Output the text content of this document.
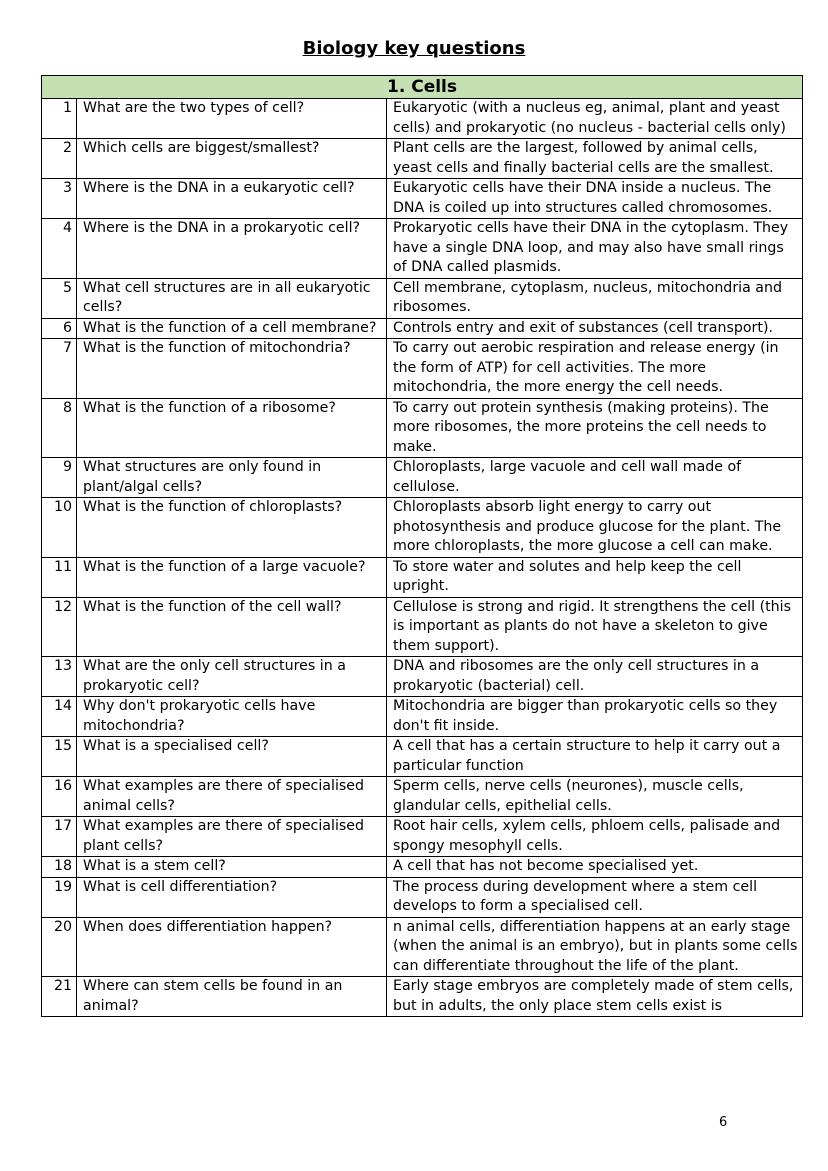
Biology key questions
1. Cells		
1	What are the two types of cell?	Eukaryotic (with a nucleus eg, animal, plant and yeast cells) and prokaryotic (no nucleus - bacterial cells only)
2	Which cells are biggest/smallest?	Plant cells are the largest, followed by animal cells, yeast cells and finally bacterial cells are the smallest.
3	Where is the DNA in a eukaryotic cell?	Eukaryotic cells have their DNA inside a nucleus. The DNA is coiled up into structures called chromosomes.
4	Where is the DNA in a prokaryotic cell?	Prokaryotic cells have their DNA in the cytoplasm. They have a single DNA loop, and may also have small rings of DNA called plasmids.
5	What cell structures are in all eukaryotic cells?	Cell membrane, cytoplasm, nucleus, mitochondria and ribosomes.
6	What is the function of a cell membrane?	Controls entry and exit of substances (cell transport).
7	What is the function of mitochondria?	To carry out aerobic respiration and release energy (in the form of ATP) for cell activities. The more mitochondria, the more energy the cell needs.
8	What is the function of a ribosome?	To carry out protein synthesis (making proteins). The more ribosomes, the more proteins the cell needs to make.
9	What structures are only found in plant/algal cells?	Chloroplasts, large vacuole and cell wall made of cellulose.
10	What is the function of chloroplasts?	Chloroplasts absorb light energy to carry out photosynthesis and produce glucose for the plant. The more chloroplasts, the more glucose a cell can make.
11	What is the function of a large vacuole?	To store water and solutes and help keep the cell upright.
12	What is the function of the cell wall?	Cellulose is strong and rigid. It strengthens the cell (this is important as plants do not have a skeleton to give them support).
13	What are the only cell structures in a prokaryotic cell?	DNA and ribosomes are the only cell structures in a prokaryotic (bacterial) cell.
14	Why don't prokaryotic cells have mitochondria?	Mitochondria are bigger than prokaryotic cells so they don't fit inside.
15	What is a specialised cell?	A cell that has a certain structure to help it carry out a particular function
16	What examples are there of specialised animal cells?	Sperm cells, nerve cells (neurones), muscle cells, glandular cells, epithelial cells.
17	What examples are there of specialised plant cells?	Root hair cells, xylem cells, phloem cells, palisade and spongy mesophyll cells.
18	What is a stem cell?	A cell that has not become specialised yet.
19	What is cell differentiation?	The process during development where a stem cell develops to form a specialised cell.
20	When does differentiation happen?	n animal cells, differentiation happens at an early stage (when the animal is an embryo), but in plants some cells can differentiate throughout the life of the plant.
21	Where can stem cells be found in an animal?	Early stage embryos are completely made of stem cells, but in adults, the only place stem cells exist is
6
